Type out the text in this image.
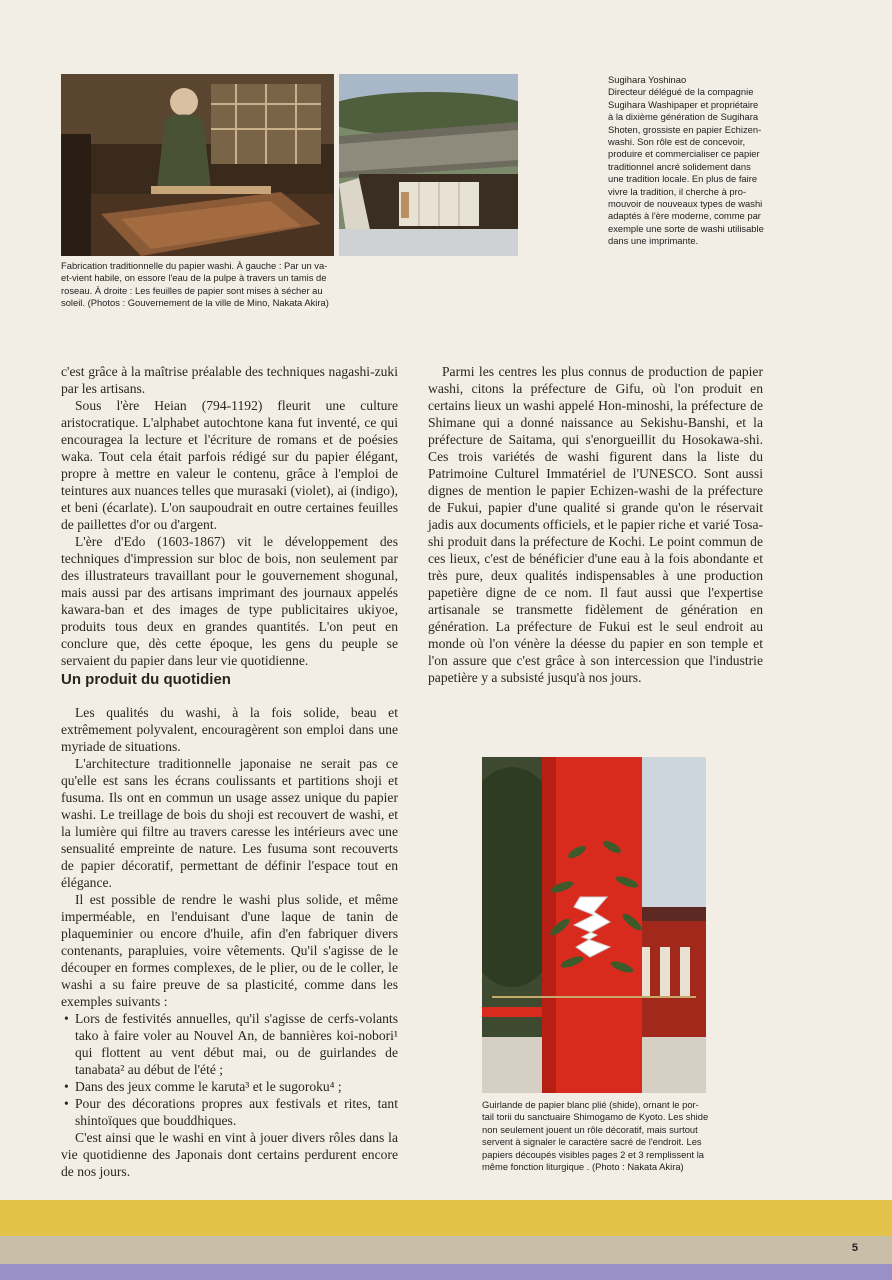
Sugihara Yoshinao
Directeur délégué de la compagnie
Sugihara Washipaper et propriétaire
à la dixième génération de Sugihara
Shoten, grossiste en papier Echizen-
washi. Son rôle est de concevoir,
produire et commercialiser ce papier
traditionnel ancré solidement dans
une tradition locale. En plus de faire
vivre la tradition, il cherche à pro-
mouvoir de nouveaux types de washi
adaptés à l'ère moderne, comme par
exemple une sorte de washi utilisable
dans une imprimante.
Fabrication traditionnelle du papier washi. À gauche : Par un va-
et-vient habile, on essore l'eau de la pulpe à travers un tamis de
roseau. À droite : Les feuilles de papier sont mises à sécher au
soleil. (Photos : Gouvernement de la ville de Mino, Nakata Akira)

c'est grâce à la maîtrise préalable des techniques nagashi-zuki par les artisans.

Sous l'ère Heian (794-1192) fleurit une culture aristocratique. L'alphabet autochtone kana fut inventé, ce qui encouragea la lecture et l'écriture de romans et de poésies waka. Tout cela était parfois rédigé sur du papier élégant, propre à mettre en valeur le contenu, grâce à l'emploi de teintures aux nuances telles que murasaki (violet), ai (indigo), et beni (écarlate). L'on saupoudrait en outre certaines feuilles de paillettes d'or ou d'argent.

L'ère d'Edo (1603-1867) vit le développement des techniques d'impression sur bloc de bois, non seulement par des illustrateurs travaillant pour le gouvernement shogunal, mais aussi par des artisans imprimant des journaux appelés kawara-ban et des images de type publicitaires ukiyoe, produits tous deux en grandes quantités. L'on peut en conclure que, dès cette époque, les gens du peuple se servaient du papier dans leur vie quotidienne.

Un produit du quotidien

Les qualités du washi, à la fois solide, beau et extrêmement polyvalent, encouragèrent son emploi dans une myriade de situations.

L'architecture traditionnelle japonaise ne serait pas ce qu'elle est sans les écrans coulissants et partitions shoji et fusuma. Ils ont en commun un usage assez unique du papier washi. Le treillage de bois du shoji est recouvert de washi, et la lumière qui filtre au travers caresse les intérieurs avec une sensualité empreinte de nature. Les fusuma sont recouverts de papier décoratif, permettant de définir l'espace tout en élégance.

Il est possible de rendre le washi plus solide, et même imperméable, en l'enduisant d'une laque de tanin de plaqueminier ou encore d'huile, afin d'en fabriquer divers contenants, parapluies, voire vêtements. Qu'il s'agisse de le découper en formes complexes, de le plier, ou de le coller, le washi a su faire preuve de sa plasticité, comme dans les exemples suivants :

• Lors de festivités annuelles, qu'il s'agisse de cerfs-volants tako à faire voler au Nouvel An, de bannières koi-nobori¹ qui flottent au vent début mai, ou de guirlandes de tanabata² au début de l'été ;
• Dans des jeux comme le karuta³ et le sugoroku⁴ ;
• Pour des décorations propres aux festivals et rites, tant shintoïques que bouddhiques.

C'est ainsi que le washi en vint à jouer divers rôles dans la vie quotidienne des Japonais dont certains perdurent encore de nos jours.

Parmi les centres les plus connus de production de papier washi, citons la préfecture de Gifu, où l'on produit en certains lieux un washi appelé Hon-minoshi, la préfecture de Shimane qui a donné naissance au Sekishu-Banshi, et la préfecture de Saitama, qui s'enorgueillit du Hosokawa-shi. Ces trois variétés de washi figurent dans la liste du Patrimoine Culturel Immatériel de l'UNESCO. Sont aussi dignes de mention le papier Echizen-washi de la préfecture de Fukui, papier d'une qualité si grande qu'on le réservait jadis aux documents officiels, et le papier riche et varié Tosa-shi produit dans la préfecture de Kochi. Le point commun de ces lieux, c'est de bénéficier d'une eau à la fois abondante et très pure, deux qualités indispensables à une production papetière digne de ce nom. Il faut aussi que l'expertise artisanale se transmette fidèlement de génération en génération. La préfecture de Fukui est le seul endroit au monde où l'on vénère la déesse du papier en son temple et l'on assure que c'est grâce à son intercession que l'industrie papetière y a subsisté jusqu'à nos jours.

Guirlande de papier blanc plié (shide), ornant le por-
tail torii du sanctuaire Shimogamo de Kyoto. Les shide
non seulement jouent un rôle décoratif, mais surtout
servent à signaler le caractère sacré de l'endroit. Les
papiers découpés visibles pages 2 et 3 remplissent la
même fonction liturgique . (Photo : Nakata Akira)
5
